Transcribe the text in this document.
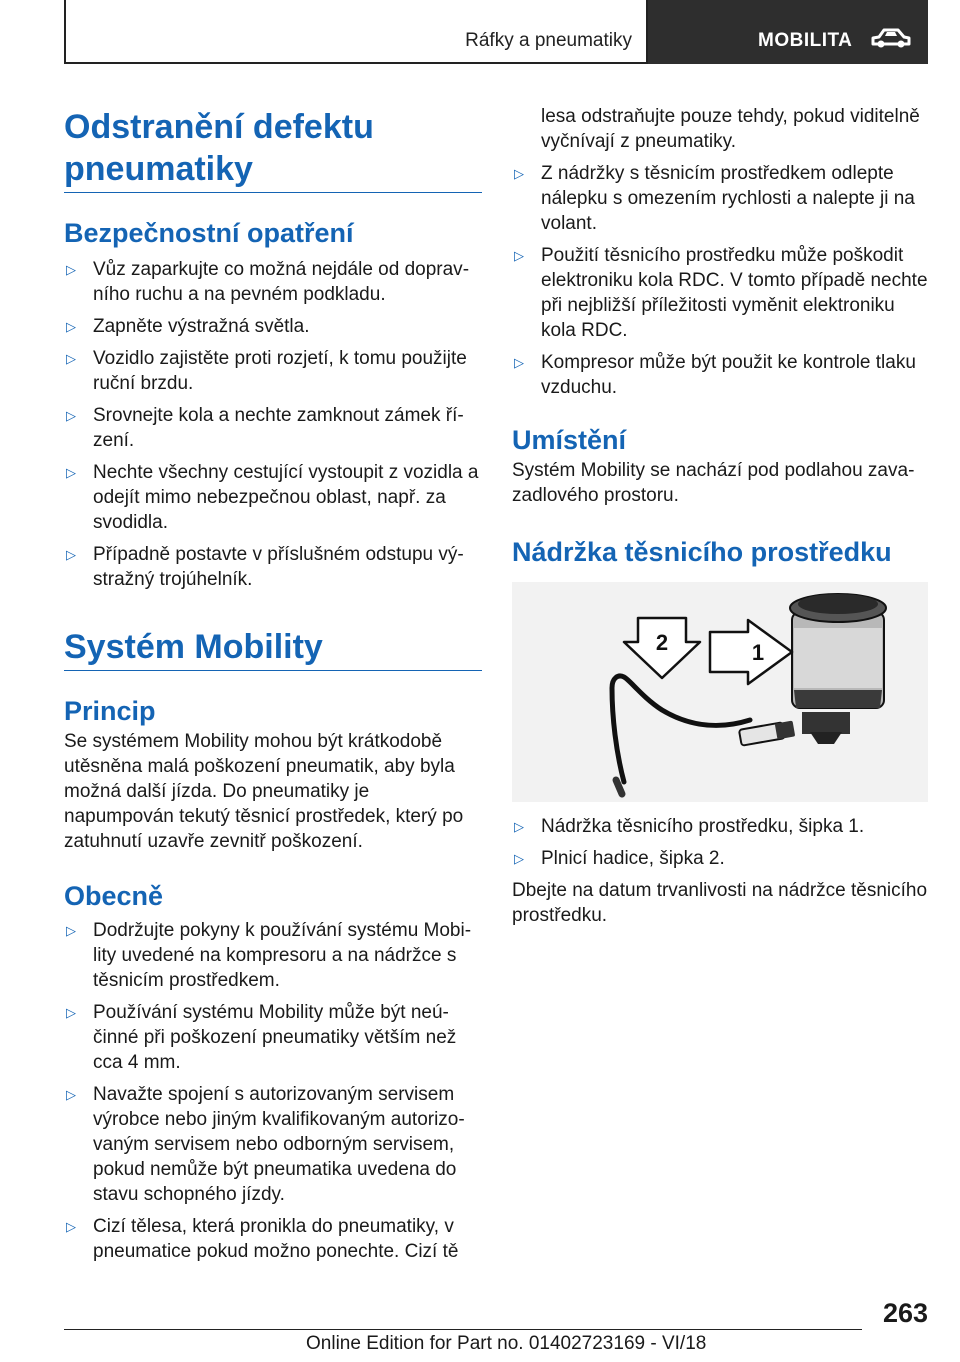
Ráfky a pneumatiky	MOBILITA
Odstranění defektu pneumatiky
Bezpečnostní opatření
▷ Vůz zaparkujte co možná nejdále od dopravního ruchu a na pevném podkladu.
▷ Zapněte výstražná světla.
▷ Vozidlo zajistěte proti rozjetí, k tomu použijte ruční brzdu.
▷ Srovnejte kola a nechte zamknout zámek řízení.
▷ Nechte všechny cestující vystoupit z vozidla a odejít mimo nebezpečnou oblast, např. za svodidla.
▷ Případně postavte v příslušném odstupu výstražný trojúhelník.
Systém Mobility
Princip
Se systémem Mobility mohou být krátkodobě utěsněna malá poškození pneumatik, aby byla možná další jízda. Do pneumatiky je napumpován tekutý těsnicí prostředek, který po zatuhnutí uzavře zevnitř poškození.
Obecně
▷ Dodržujte pokyny k používání systému Mobility uvedené na kompresoru a na nádržce s těsnicím prostředkem.
▷ Používání systému Mobility může být neúčinné při poškození pneumatiky větším než cca 4 mm.
▷ Navažte spojení s autorizovaným servisem výrobce nebo jiným kvalifikovaným autorizovaným servisem nebo odborným servisem, pokud nemůže být pneumatika uvedena do stavu schopného jízdy.
▷ Cizí tělesa, která pronikla do pneumatiky, v pneumatice pokud možno ponechte. Cizí tě
lesa odstraňujte pouze tehdy, pokud viditelně vyčnívají z pneumatiky.
▷ Z nádržky s těsnicím prostředkem odlepte nálepku s omezením rychlosti a nalepte ji na volant.
▷ Použití těsnicího prostředku může poškodit elektroniku kola RDC. V tomto případě nechte při nejbližší příležitosti vyměnit elektroniku kola RDC.
▷ Kompresor může být použit ke kontrole tlaku vzduchu.
Umístění
Systém Mobility se nachází pod podlahou zavazadlového prostoru.
Nádržka těsnicího prostředku
2	1
▷ Nádržka těsnicího prostředku, šipka 1.
▷ Plnicí hadice, šipka 2.
Dbejte na datum trvanlivosti na nádržce těsnicího prostředku.
263
Online Edition for Part no. 01402723169 - VI/18
